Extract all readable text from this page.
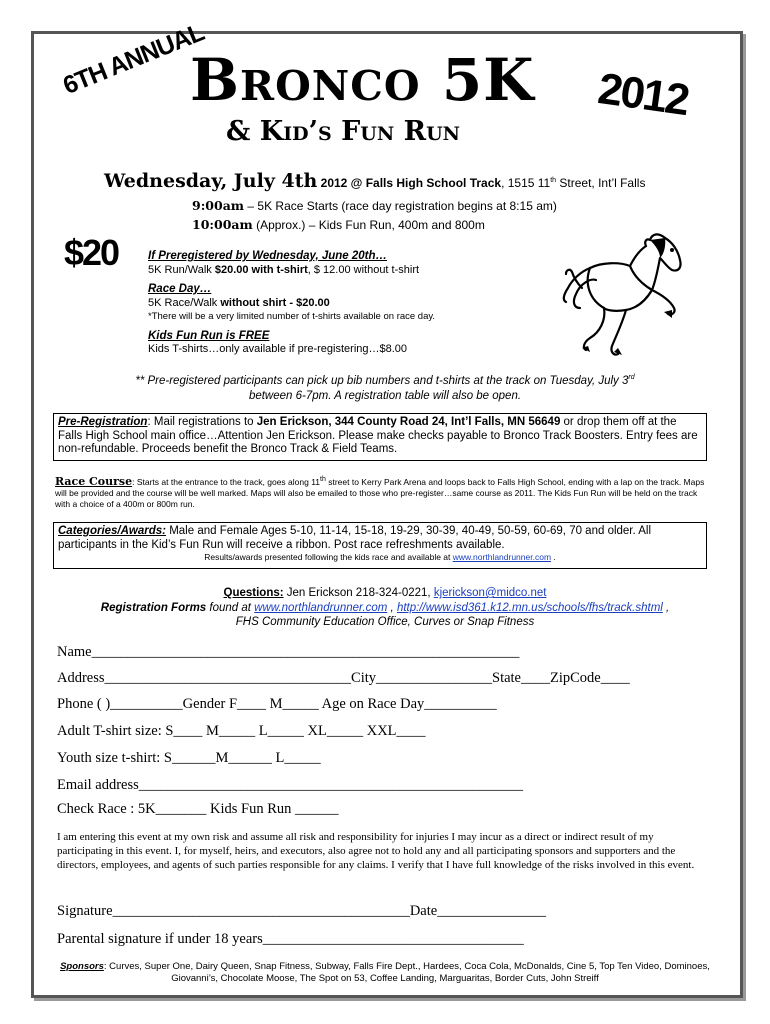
6TH ANNUAL
Bronco 5K
& Kid’s Fun Run
2012
Wednesday, July 4th 2012 @ Falls High School Track, 1515 11th Street, Int’l Falls
9:00am – 5K Race Starts (race day registration begins at 8:15 am)
10:00am (Approx.) – Kids Fun Run, 400m and 800m
$20	If Preregistered by Wednesday, June 20th…
5K Run/Walk $20.00 with t-shirt, $ 12.00 without t-shirt
Race Day…
5K Race/Walk without shirt - $20.00
*There will be a very limited number of t-shirts available on race day.
Kids Fun Run is FREE
Kids T-shirts…only available if pre-registering…$8.00
** Pre-registered participants can pick up bib numbers and t-shirts at the track on Tuesday, July 3rd
between 6-7pm. A registration table will also be open.
Pre-Registration: Mail registrations to Jen Erickson, 344 County Road 24, Int’l Falls, MN 56649 or drop them off at the Falls High School main office…Attention Jen Erickson. Please make checks payable to Bronco Track Boosters. Entry fees are non-refundable. Proceeds benefit the Bronco Track & Field Teams.
Race Course: Starts at the entrance to the track, goes along 11th street to Kerry Park Arena and loops back to Falls High School, ending with a lap on the track. Maps will be provided and the course will be well marked. Maps will also be emailed to those who pre-register…same course as 2011. The Kids Fun Run will be held on the track with a choice of a 400m or 800m run.
Categories/Awards: Male and Female Ages 5-10, 11-14, 15-18, 19-29, 30-39, 40-49, 50-59, 60-69, 70 and older. All participants in the Kid’s Fun Run will receive a ribbon. Post race refreshments available.
Results/awards presented following the kids race and available at www.northlandrunner.com .
Questions: Jen Erickson 218-324-0221, kjerickson@midco.net
Registration Forms found at www.northlandrunner.com , http://www.isd361.k12.mn.us/schools/fhs/track.shtml ,
FHS Community Education Office, Curves or Snap Fitness
Name___________________________________________________________
Address__________________________________City________________State____ZipCode____
Phone ( )__________Gender F____ M_____ Age on Race Day__________
Adult T-shirt size: S____ M_____ L_____ XL_____ XXL____
Youth size t-shirt: S______M______ L_____
Email address_____________________________________________________
Check Race : 5K_______ Kids Fun Run ______
I am entering this event at my own risk and assume all risk and responsibility for injuries I may incur as a direct or indirect result of my participating in this event. I, for myself, heirs, and executors, also agree not to hold any and all participating sponsors and supporters and the directors, employees, and agents of such parties responsible for any claims. I verify that I have full knowledge of the risks involved in this event.
Signature_________________________________________Date_______________
Parental signature if under 18 years____________________________________
Sponsors: Curves, Super One, Dairy Queen, Snap Fitness, Subway, Falls Fire Dept., Hardees, Coca Cola, McDonalds, Cine 5, Top Ten Video, Dominoes, Giovanni’s, Chocolate Moose, The Spot on 53, Coffee Landing, Marguaritas, Border Cuts, John Streiff
